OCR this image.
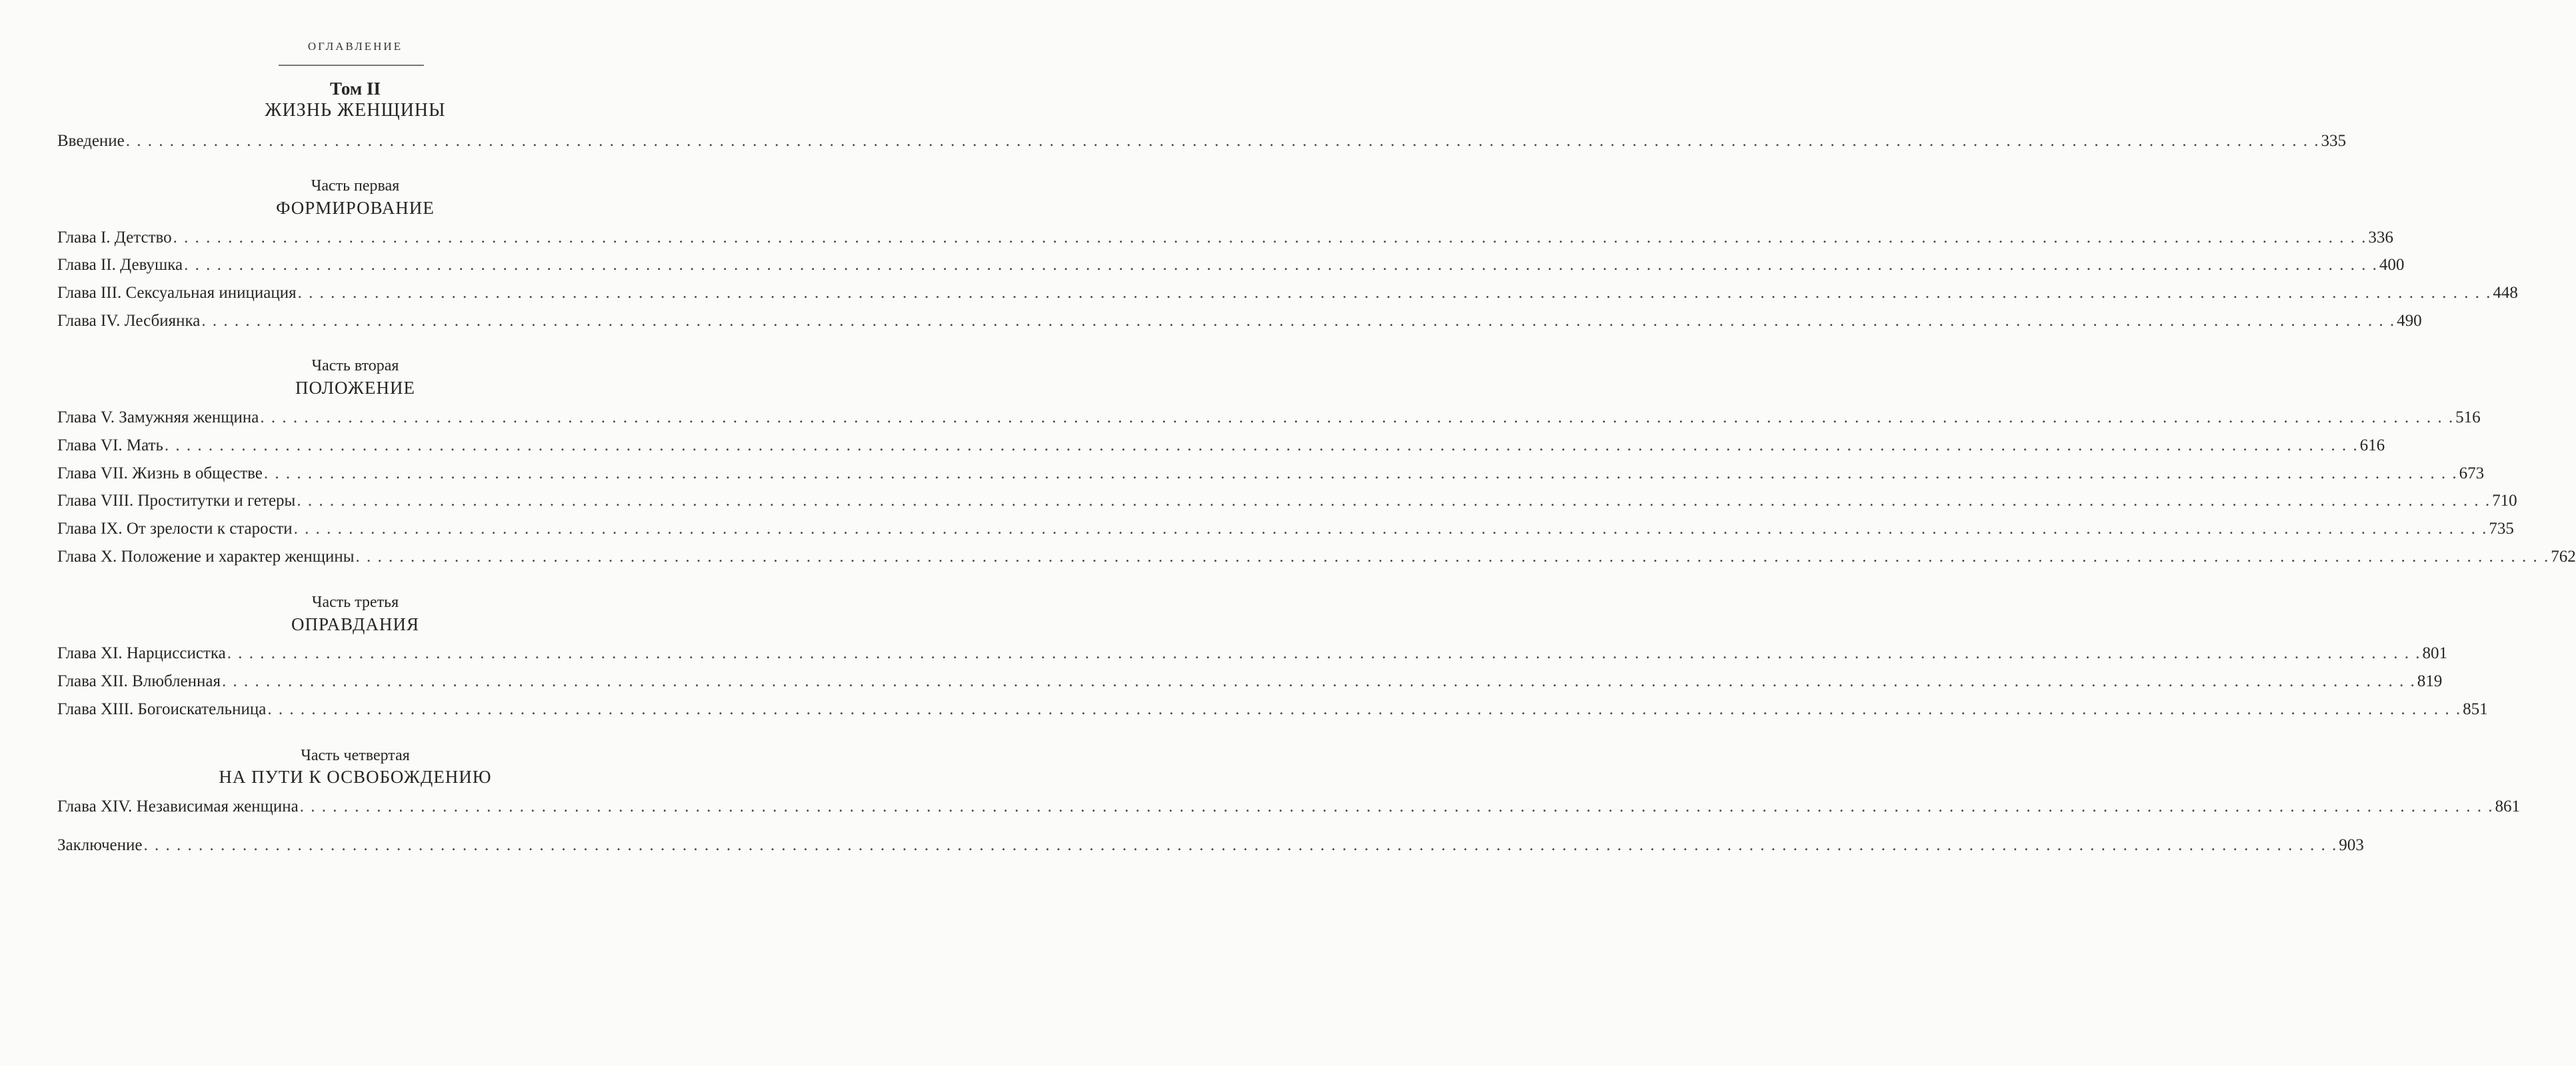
ОГЛАВЛЕНИЕ
Том II
ЖИЗНЬ ЖЕНЩИНЫ
Введение . . . . . . . . . . . . . . . . . . . . . . . . . . . . . . . . . . . . . . . . . . . . . . . . . . . . . . . . . . . . . . . . . . . . . . . . . . . . . . . . . . . . . . . . . . . . . . . . . . . . . . . . . . . . . . . . . . . . . . . . . . . . . . . . . . . . . . . . . . . . . . . . . . . . . . . . . . . . . . . . . . . . . . . . . . . . . . . . . . . . . . . . . . . . . . . . . . . . . . . . 335
Часть первая
ФОРМИРОВАНИЕ
Глава I. Детство . . . . . . . . . . . . . . . . . . . . . . . . . . . . . . . . . . . . . . . . . . . . . . . . . . . . . . . . . . . . . . . . . . . . . . . . . . . . . . . . . . . . . . . . . . . . . . . . . . . . . . . . . . . . . . . . . . . . . . . . . . . . . . . . . . . . . . . . . . . . . . . . . . . . . . . . . . . . . . . . . . . . . . . . . . . . . . . . . . . . . . . . . . . . . . . . . . . . . . . . 336
Глава II. Девушка . . . . . . . . . . . . . . . . . . . . . . . . . . . . . . . . . . . . . . . . . . . . . . . . . . . . . . . . . . . . . . . . . . . . . . . . . . . . . . . . . . . . . . . . . . . . . . . . . . . . . . . . . . . . . . . . . . . . . . . . . . . . . . . . . . . . . . . . . . . . . . . . . . . . . . . . . . . . . . . . . . . . . . . . . . . . . . . . . . . . . . . . . . . . . . . . . . . . . . . . 400
Глава III. Сексуальная инициация . . . . . . . . . . . . . . . . . . . . . . . . . . . . . . . . . . . . . . . . . . . . . . . . . . . . . . . . . . . . . . . . . . . . . . . . . . . . . . . . . . . . . . . . . . . . . . . . . . . . . . . . . . . . . . . . . . . . . . . . . . . . . . . . . . . . . . . . . . . . . . . . . . . . . . . . . . . . . . . . . . . . . . . . . . . . . . . . . . . . . . . . . . . . . . . . . . . . . . . . 448
Глава IV. Лесбиянка . . . . . . . . . . . . . . . . . . . . . . . . . . . . . . . . . . . . . . . . . . . . . . . . . . . . . . . . . . . . . . . . . . . . . . . . . . . . . . . . . . . . . . . . . . . . . . . . . . . . . . . . . . . . . . . . . . . . . . . . . . . . . . . . . . . . . . . . . . . . . . . . . . . . . . . . . . . . . . . . . . . . . . . . . . . . . . . . . . . . . . . . . . . . . . . . . . . . . . . . 490
Часть вторая
ПОЛОЖЕНИЕ
Глава V. Замужняя женщина . . . . . . . . . . . . . . . . . . . . . . . . . . . . . . . . . . . . . . . . . . . . . . . . . . . . . . . . . . . . . . . . . . . . . . . . . . . . . . . . . . . . . . . . . . . . . . . . . . . . . . . . . . . . . . . . . . . . . . . . . . . . . . . . . . . . . . . . . . . . . . . . . . . . . . . . . . . . . . . . . . . . . . . . . . . . . . . . . . . . . . . . . . . . . . . . . . . . . . . . 516
Глава VI. Мать . . . . . . . . . . . . . . . . . . . . . . . . . . . . . . . . . . . . . . . . . . . . . . . . . . . . . . . . . . . . . . . . . . . . . . . . . . . . . . . . . . . . . . . . . . . . . . . . . . . . . . . . . . . . . . . . . . . . . . . . . . . . . . . . . . . . . . . . . . . . . . . . . . . . . . . . . . . . . . . . . . . . . . . . . . . . . . . . . . . . . . . . . . . . . . . . . . . . . . . . 616
Глава VII. Жизнь в обществе . . . . . . . . . . . . . . . . . . . . . . . . . . . . . . . . . . . . . . . . . . . . . . . . . . . . . . . . . . . . . . . . . . . . . . . . . . . . . . . . . . . . . . . . . . . . . . . . . . . . . . . . . . . . . . . . . . . . . . . . . . . . . . . . . . . . . . . . . . . . . . . . . . . . . . . . . . . . . . . . . . . . . . . . . . . . . . . . . . . . . . . . . . . . . . . . . . . . . . . . 673
Глава VIII. Проститутки и гетеры . . . . . . . . . . . . . . . . . . . . . . . . . . . . . . . . . . . . . . . . . . . . . . . . . . . . . . . . . . . . . . . . . . . . . . . . . . . . . . . . . . . . . . . . . . . . . . . . . . . . . . . . . . . . . . . . . . . . . . . . . . . . . . . . . . . . . . . . . . . . . . . . . . . . . . . . . . . . . . . . . . . . . . . . . . . . . . . . . . . . . . . . . . . . . . . . . . . . . . . . 710
Глава IX. От зрелости к старости . . . . . . . . . . . . . . . . . . . . . . . . . . . . . . . . . . . . . . . . . . . . . . . . . . . . . . . . . . . . . . . . . . . . . . . . . . . . . . . . . . . . . . . . . . . . . . . . . . . . . . . . . . . . . . . . . . . . . . . . . . . . . . . . . . . . . . . . . . . . . . . . . . . . . . . . . . . . . . . . . . . . . . . . . . . . . . . . . . . . . . . . . . . . . . . . . . . . . . . . 735
Глава X. Положение и характер женщины . . . . . . . . . . . . . . . . . . . . . . . . . . . . . . . . . . . . . . . . . . . . . . . . . . . . . . . . . . . . . . . . . . . . . . . . . . . . . . . . . . . . . . . . . . . . . . . . . . . . . . . . . . . . . . . . . . . . . . . . . . . . . . . . . . . . . . . . . . . . . . . . . . . . . . . . . . . . . . . . . . . . . . . . . . . . . . . . . . . . . . . . . . . . . . . . . . . . . . . . 762
Часть третья
ОПРАВДАНИЯ
Глава XI. Нарциссистка . . . . . . . . . . . . . . . . . . . . . . . . . . . . . . . . . . . . . . . . . . . . . . . . . . . . . . . . . . . . . . . . . . . . . . . . . . . . . . . . . . . . . . . . . . . . . . . . . . . . . . . . . . . . . . . . . . . . . . . . . . . . . . . . . . . . . . . . . . . . . . . . . . . . . . . . . . . . . . . . . . . . . . . . . . . . . . . . . . . . . . . . . . . . . . . . . . . . . . . . 801
Глава XII. Влюбленная . . . . . . . . . . . . . . . . . . . . . . . . . . . . . . . . . . . . . . . . . . . . . . . . . . . . . . . . . . . . . . . . . . . . . . . . . . . . . . . . . . . . . . . . . . . . . . . . . . . . . . . . . . . . . . . . . . . . . . . . . . . . . . . . . . . . . . . . . . . . . . . . . . . . . . . . . . . . . . . . . . . . . . . . . . . . . . . . . . . . . . . . . . . . . . . . . . . . . . . . 819
Глава XIII. Богоискательница . . . . . . . . . . . . . . . . . . . . . . . . . . . . . . . . . . . . . . . . . . . . . . . . . . . . . . . . . . . . . . . . . . . . . . . . . . . . . . . . . . . . . . . . . . . . . . . . . . . . . . . . . . . . . . . . . . . . . . . . . . . . . . . . . . . . . . . . . . . . . . . . . . . . . . . . . . . . . . . . . . . . . . . . . . . . . . . . . . . . . . . . . . . . . . . . . . . . . . . . 851
Часть четвертая
НА ПУТИ К ОСВОБОЖДЕНИЮ
Глава XIV. Независимая женщина . . . . . . . . . . . . . . . . . . . . . . . . . . . . . . . . . . . . . . . . . . . . . . . . . . . . . . . . . . . . . . . . . . . . . . . . . . . . . . . . . . . . . . . . . . . . . . . . . . . . . . . . . . . . . . . . . . . . . . . . . . . . . . . . . . . . . . . . . . . . . . . . . . . . . . . . . . . . . . . . . . . . . . . . . . . . . . . . . . . . . . . . . . . . . . . . . . . . . . . . 861
Заключение . . . . . . . . . . . . . . . . . . . . . . . . . . . . . . . . . . . . . . . . . . . . . . . . . . . . . . . . . . . . . . . . . . . . . . . . . . . . . . . . . . . . . . . . . . . . . . . . . . . . . . . . . . . . . . . . . . . . . . . . . . . . . . . . . . . . . . . . . . . . . . . . . . . . . . . . . . . . . . . . . . . . . . . . . . . . . . . . . . . . . . . . . . . . . . . . . . . . . . . . 903
